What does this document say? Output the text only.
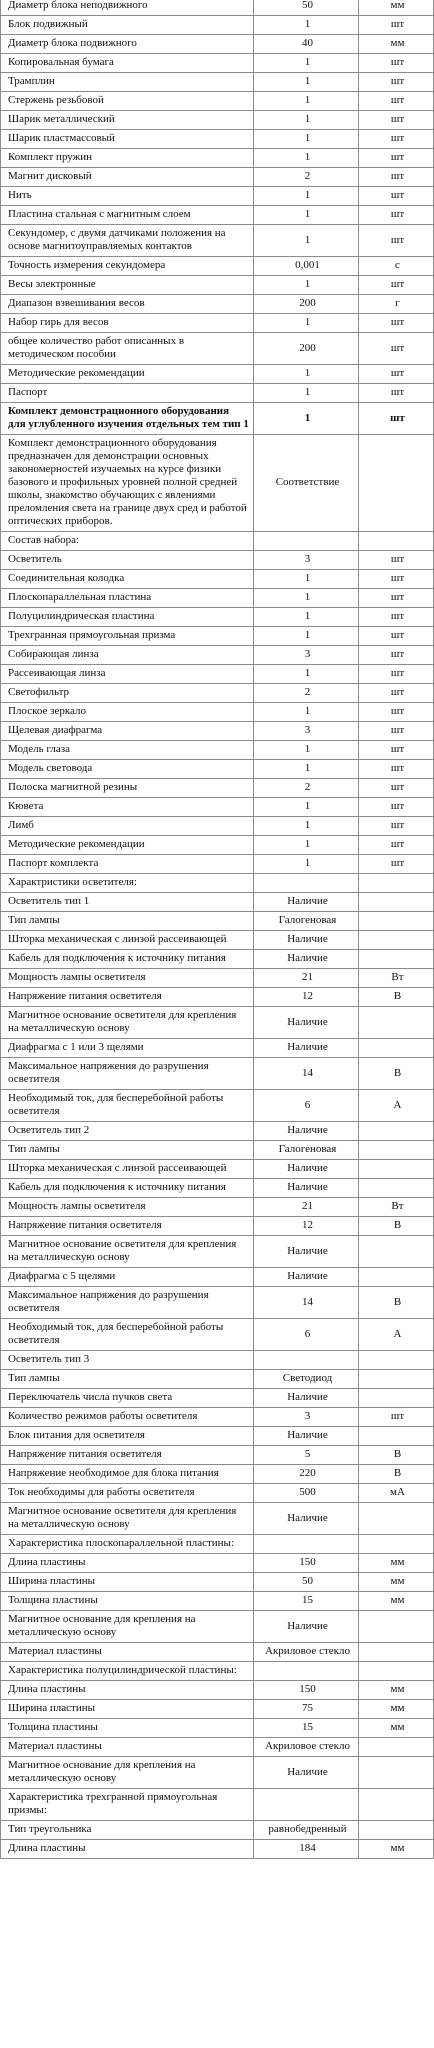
Диаметр блока неподвижного	50	мм
Блок подвижный	1	шт
Диаметр блока подвижного	40	мм
Копировальная бумага	1	шт
Трамплин	1	шт
Стержень резьбовой	1	шт
Шарик металлический	1	шт
Шарик пластмассовый	1	шт
Комплект пружин	1	шт
Магнит дисковый	2	шт
Нить	1	шт
Пластина стальная с магнитным слоем	1	шт
Секундомер, с двумя датчиками положения на основе магнитоуправляемых контактов	1	шт
Точность измерения секундомера	0,001	с
Весы электронные	1	шт
Диапазон взвешивания весов	200	г
Набор гирь для весов	1	шт
общее количество работ описанных в методическом пособии	200	шт
Методические рекомендации	1	шт
Паспорт	1	шт
Комплект демонстрационного оборудования для углубленного изучения отдельных тем тип 1	1	шт
Комплект демонстрационного оборудования предназначен для демонстрации основных закономерностей изучаемых на курсе физики базового и профильных уровней полной средней школы, знакомство обучающих с явлениями преломления света на границе двух сред и работой оптических приборов.	Соответствие	
Состав набора:		
Осветитель	3	шт
Соединительная колодка	1	шт
Плоскопараллельная пластина	1	шт
Полуцилиндрическая пластина	1	шт
Трехгранная прямоугольная призма	1	шт
Собирающая линза	3	шт
Рассеивающая линза	1	шт
Светофильтр	2	шт
Плоское зеркало	1	шт
Щелевая диафрагма	3	шт
Модель глаза	1	шт
Модель световода	1	шт
Полоска магнитной резины	2	шт
Кювета	1	шт
Лимб	1	шт
Методические рекомендации	1	шт
Паспорт комплекта	1	шт
Характристики осветителя:		
Осветитель тип 1	Наличие	
Тип лампы	Галогеновая	
Шторка механическая с линзой рассеивающей	Наличие	
Кабель для подключения к источнику питания	Наличие	
Мощность лампы осветителя	21	Вт
Напряжение питания осветителя	12	В
Магнитное основание осветителя для крепления на металлическую основу	Наличие	
Диафрагма с 1 или 3 щелями	Наличие	
Максимальное напряжения до разрушения осветителя	14	В
Необходимый ток, для бесперебойной работы осветителя	6	А
Осветитель тип 2	Наличие	
Тип лампы	Галогеновая	
Шторка механическая с линзой рассеивающей	Наличие	
Кабель для подключения к источнику питания	Наличие	
Мощность лампы осветителя	21	Вт
Напряжение питания осветителя	12	В
Магнитное основание осветителя для крепления на металлическую основу	Наличие	
Диафрагма с 5 щелями	Наличие	
Максимальное напряжения до разрушения осветителя	14	В
Необходимый ток, для бесперебойной работы осветителя	6	А
Осветитель тип 3		
Тип лампы	Светодиод	
Переключатель числа пучков света	Наличие	
Количество режимов работы осветителя	3	шт
Блок питания для осветителя	Наличие	
Напряжение питания осветителя	5	В
Напряжение необходимое для блока питания	220	В
Ток необходимы для работы осветителя	500	мА
Магнитное основание осветителя для крепления на металлическую основу	Наличие	
Характеристика плоскопараллельной пластины:		
Длина пластины	150	мм
Ширина пластины	50	мм
Толщина пластины	15	мм
Магнитное основание для крепления на металлическую основу	Наличие	
Материал пластины	Акриловое стекло	
Характеристика полуцилиндрической пластины:		
Длина пластины	150	мм
Ширина пластины	75	мм
Толщина пластины	15	мм
Материал пластины	Акриловое стекло	
Магнитное основание для крепления на металлическую основу	Наличие	
Характеристика трехгранной прямоугольная призмы:		
Тип треугольника	равнобедренный	
Длина пластины	184	мм
